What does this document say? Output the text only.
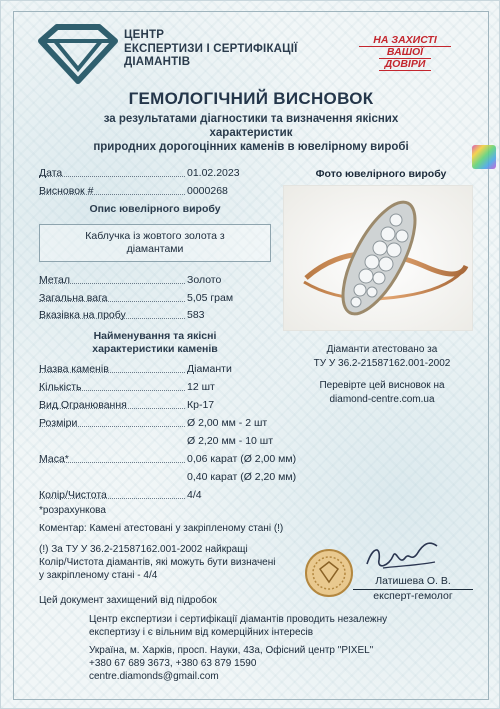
ЦЕНТР
ЕКСПЕРТИЗИ І СЕРТИФІКАЦІЇ
ДІАМАНТІВ
НА ЗАХИСТІ
ВАШОЇ
ДОВІРИ
ГЕМОЛОГІЧНИЙ ВИСНОВОК
за результатами діагностики та визначення якісних характеристик
природних дорогоцінних каменів в ювелірному виробі
Дата	01.02.2023
Висновок #	0000268
Опис ювелірного виробу
Каблучка із жовтого золота з
діамантами
Метал	Золото
Загальна вага	5,05 грам
Вказівка на пробу	583
Найменування та якісні
характеристики каменів
Назва каменів	Діаманти
Кількість	12 шт
Вид Огранювання	Кр-17
Розміри	Ø 2,00 мм - 2 шт
Ø 2,20 мм - 10 шт
Маса*	0,06 карат (Ø 2,00 мм)
0,40 карат (Ø 2,20 мм)
Колір/Чистота	4/4
*розрахункова
Фото ювелірного виробу
Діаманти атестовано за
ТУ У 36.2-21587162.001-2002
Перевірте цей висновок на
diamond-centre.com.ua
Коментар: Камені атестовані у закріпленому стані (!)
(!) За ТУ У 36.2-21587162.001-2002 найкращі
Колір/Чистота діамантів, які можуть бути визначені
у закріпленому стані - 4/4
Цей документ захищений від підробок
Латишева О. В.
експерт-гемолог
Центр експертизи і сертифікації діамантів проводить незалежну
експертизу і є вільним від комерційних інтересів
Україна, м. Харків, просп. Науки, 43а, Офісний центр "PIXEL"
+380 67 689 3673, +380 63 879 1590
centre.diamonds@gmail.com
